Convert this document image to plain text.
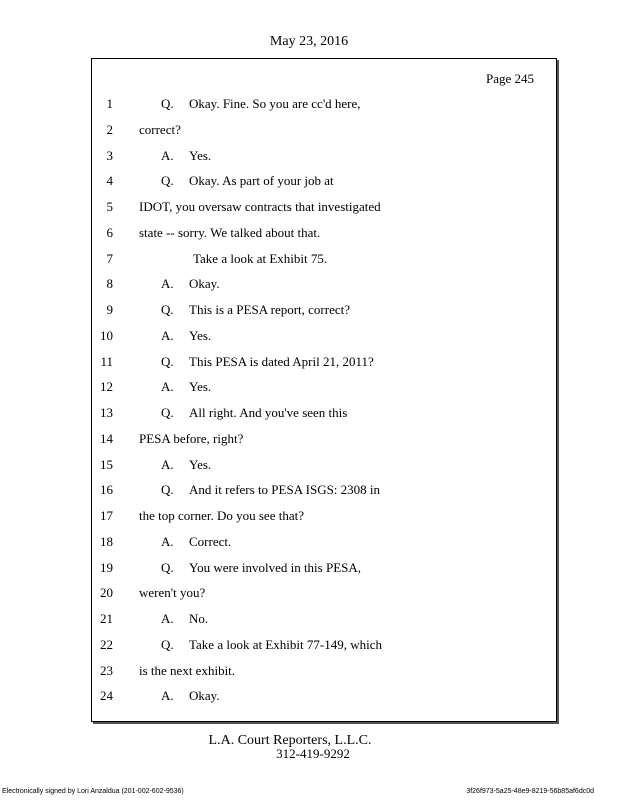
May 23, 2016
Page 245
1	Q. Okay. Fine. So you are cc'd here,
2 correct?
3	A. Yes.
4	Q. Okay. As part of your job at
5 IDOT, you oversaw contracts that investigated
6 state -- sorry. We talked about that.
7	Take a look at Exhibit 75.
8	A. Okay.
9	Q. This is a PESA report, correct?
10	A. Yes.
11	Q. This PESA is dated April 21, 2011?
12	A. Yes.
13	Q. All right. And you've seen this
14 PESA before, right?
15	A. Yes.
16	Q. And it refers to PESA ISGS: 2308 in
17 the top corner. Do you see that?
18	A. Correct.
19	Q. You were involved in this PESA,
20 weren't you?
21	A. No.
22	Q. Take a look at Exhibit 77-149, which
23 is the next exhibit.
24	A. Okay.
L.A. Court Reporters, L.L.C.
312-419-9292
Electronically signed by Lori Anzaldua (201-002-602-9536)	3f26f973-5a25-48e9-8219-56b85af6dc0d
